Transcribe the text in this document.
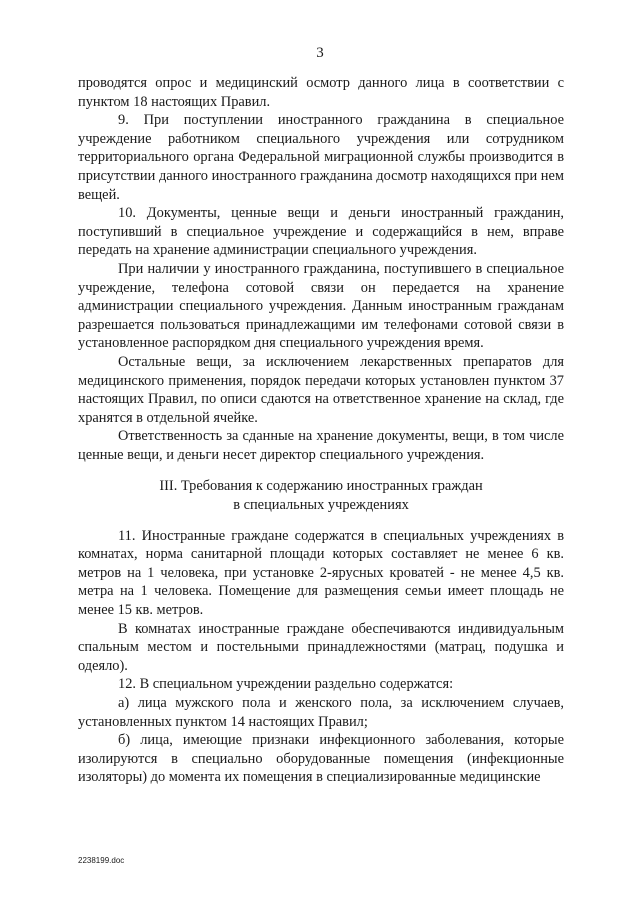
3

проводятся опрос и медицинский осмотр данного лица в соответствии с пунктом 18 настоящих Правил.

9. При поступлении иностранного гражданина в специальное учреждение работником специального учреждения или сотрудником территориального органа Федеральной миграционной службы производится в присутствии данного иностранного гражданина досмотр находящихся при нем вещей.

10. Документы, ценные вещи и деньги иностранный гражданин, поступивший в специальное учреждение и содержащийся в нем, вправе передать на хранение администрации специального учреждения.

При наличии у иностранного гражданина, поступившего в специальное учреждение, телефона сотовой связи он передается на хранение администрации специального учреждения. Данным иностранным гражданам разрешается пользоваться принадлежащими им телефонами сотовой связи в установленное распорядком дня специального учреждения время.

Остальные вещи, за исключением лекарственных препаратов для медицинского применения, порядок передачи которых установлен пунктом 37 настоящих Правил, по описи сдаются на ответственное хранение на склад, где хранятся в отдельной ячейке.

Ответственность за сданные на хранение документы, вещи, в том числе ценные вещи, и деньги несет директор специального учреждения.

III. Требования к содержанию иностранных граждан
в специальных учреждениях

11. Иностранные граждане содержатся в специальных учреждениях в комнатах, норма санитарной площади которых составляет не менее 6 кв. метров на 1 человека, при установке 2-ярусных кроватей - не менее 4,5 кв. метра на 1 человека. Помещение для размещения семьи имеет площадь не менее 15 кв. метров.

В комнатах иностранные граждане обеспечиваются индивидуальным спальным местом и постельными принадлежностями (матрац, подушка и одеяло).

12. В специальном учреждении раздельно содержатся:

а) лица мужского пола и женского пола, за исключением случаев, установленных пунктом 14 настоящих Правил;

б) лица, имеющие признаки инфекционного заболевания, которые изолируются в специально оборудованные помещения (инфекционные изоляторы) до момента их помещения в специализированные медицинские

2238199.doc
